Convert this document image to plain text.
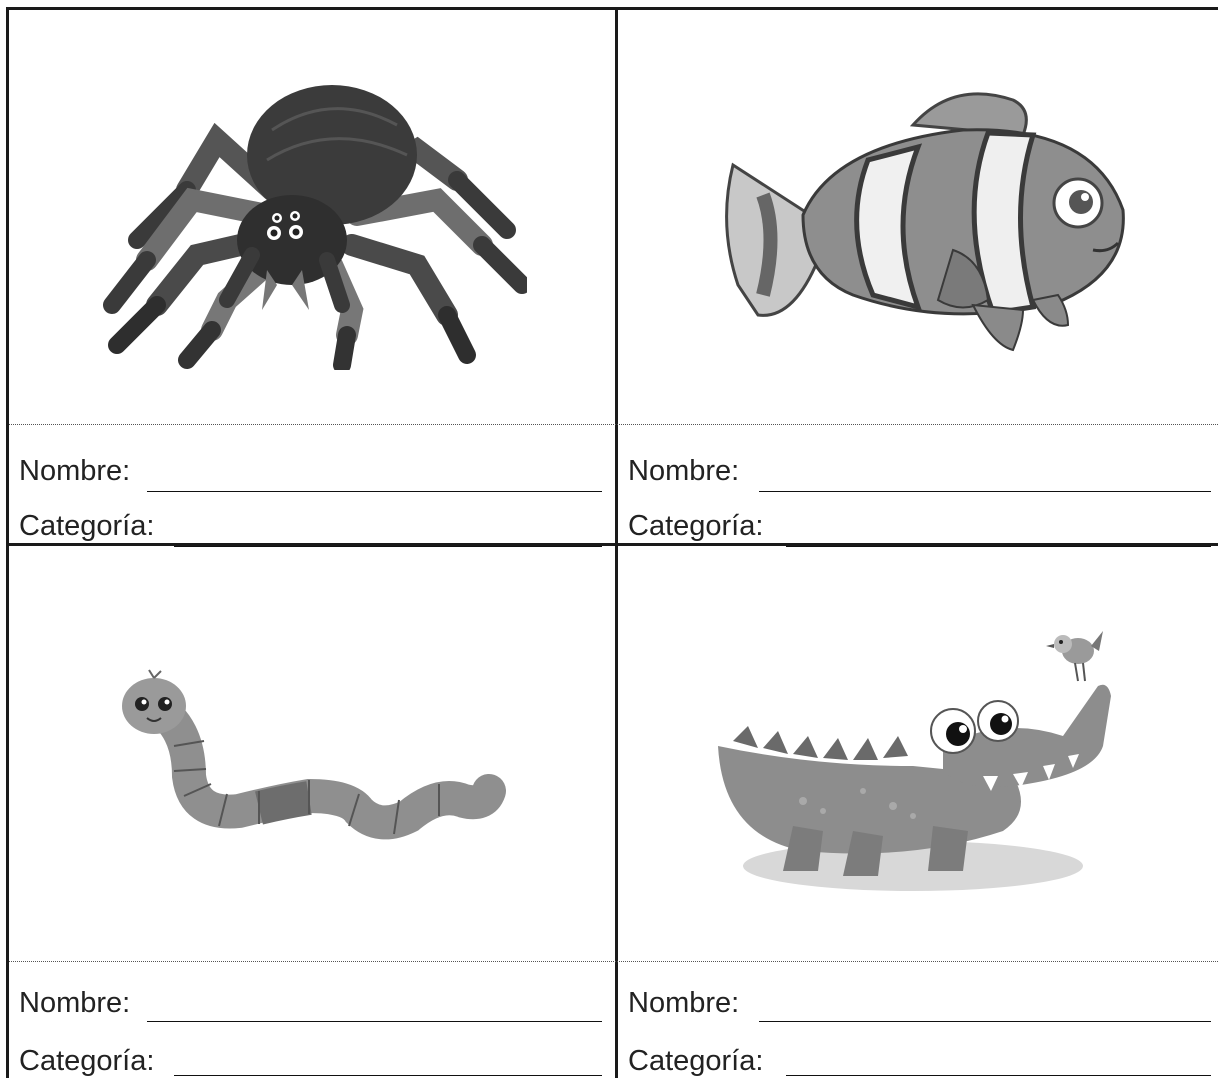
Nombre:
Categoría:
Nombre:
Categoría:
Nombre:
Categoría:
Nombre:
Categoría:
